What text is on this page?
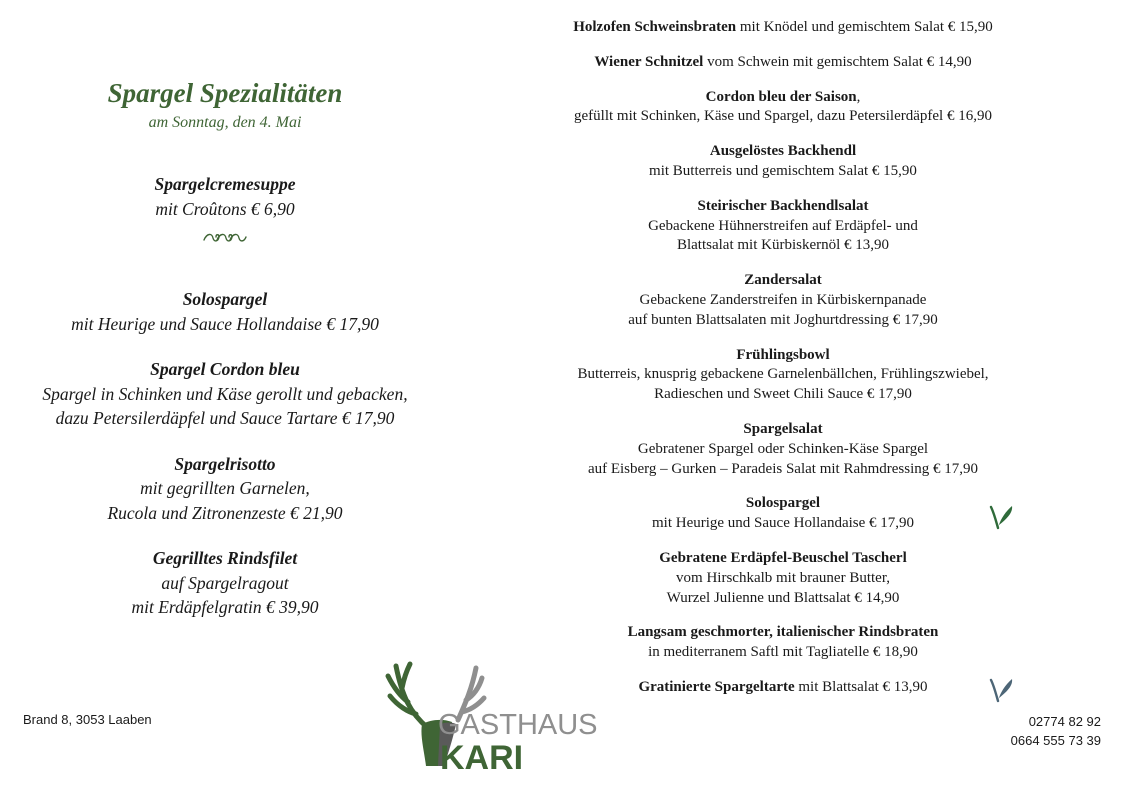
Spargel Spezialitäten
am Sonntag, den 4. Mai
Spargelcremesuppe
mit Croûtons € 6,90
Solospargel
mit Heurige und Sauce Hollandaise € 17,90
Spargel Cordon bleu
Spargel in Schinken und Käse gerollt und gebacken,
dazu Petersilerdäpfel und Sauce Tartare € 17,90
Spargelrisotto
mit gegrillten Garnelen,
Rucola und Zitronenzeste € 21,90
Gegrilltes Rindsfilet
auf Spargelragout
mit Erdäpfelgratin € 39,90
Holzofen Schweinsbraten mit Knödel und gemischtem Salat € 15,90
Wiener Schnitzel vom Schwein mit gemischtem Salat € 14,90
Cordon bleu der Saison,
gefüllt mit Schinken, Käse und Spargel, dazu Petersilerdäpfel € 16,90
Ausgelöstes Backhendl
mit Butterreis und gemischtem Salat € 15,90
Steirischer Backhendlsalat
Gebackene Hühnerstreifen auf Erdäpfel- und
Blattsalat mit Kürbiskernöl € 13,90
Zandersalat
Gebackene Zanderstreifen in Kürbiskernpanade
auf bunten Blattsalaten mit Joghurtdressing € 17,90
Frühlingsbowl
Butterreis, knusprig gebackene Garnelenbällchen, Frühlingszwiebel,
Radieschen und Sweet Chili Sauce € 17,90
Spargelsalat
Gebratener Spargel oder Schinken-Käse Spargel
auf Eisberg – Gurken – Paradeis Salat mit Rahmdressing € 17,90
Solospargel
mit Heurige und Sauce Hollandaise € 17,90
Gebratene Erdäpfel-Beuschel Tascherl
vom Hirschkalb mit brauner Butter,
Wurzel Julienne und Blattsalat € 14,90
Langsam geschmorter, italienischer Rindsbraten
in mediterranem Saftl mit Tagliatelle € 18,90
Gratinierte Spargeltarte mit Blattsalat € 13,90
Brand 8, 3053 Laaben	02774 82 92
0664 555 73 39
GASTHAUS
KARI
